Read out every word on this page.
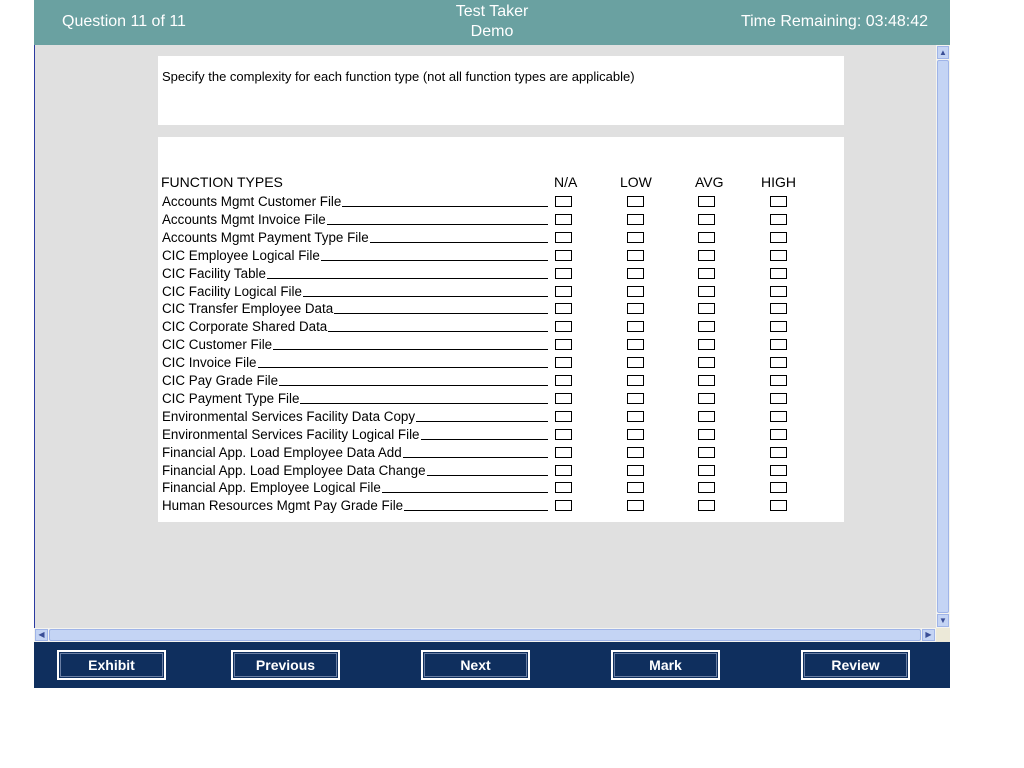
Question 11 of 11
Test Taker
Demo
Time Remaining: 03:48:42
Specify the complexity for each function type (not all function types are applicable)
FUNCTION TYPES	N/A	LOW	AVG	HIGH
Accounts Mgmt Customer File
Accounts Mgmt Invoice File
Accounts Mgmt Payment Type File
CIC Employee Logical File
CIC Facility Table
CIC Facility Logical File
CIC Transfer Employee Data
CIC Corporate Shared Data
CIC Customer File
CIC Invoice File
CIC Pay Grade File
CIC Payment Type File
Environmental Services Facility Data Copy
Environmental Services Facility Logical File
Financial App. Load Employee Data Add
Financial App. Load Employee Data Change
Financial App. Employee Logical File
Human Resources Mgmt Pay Grade File
▲
▼
◀	▶
Exhibit	Previous	Next	Mark	Review
